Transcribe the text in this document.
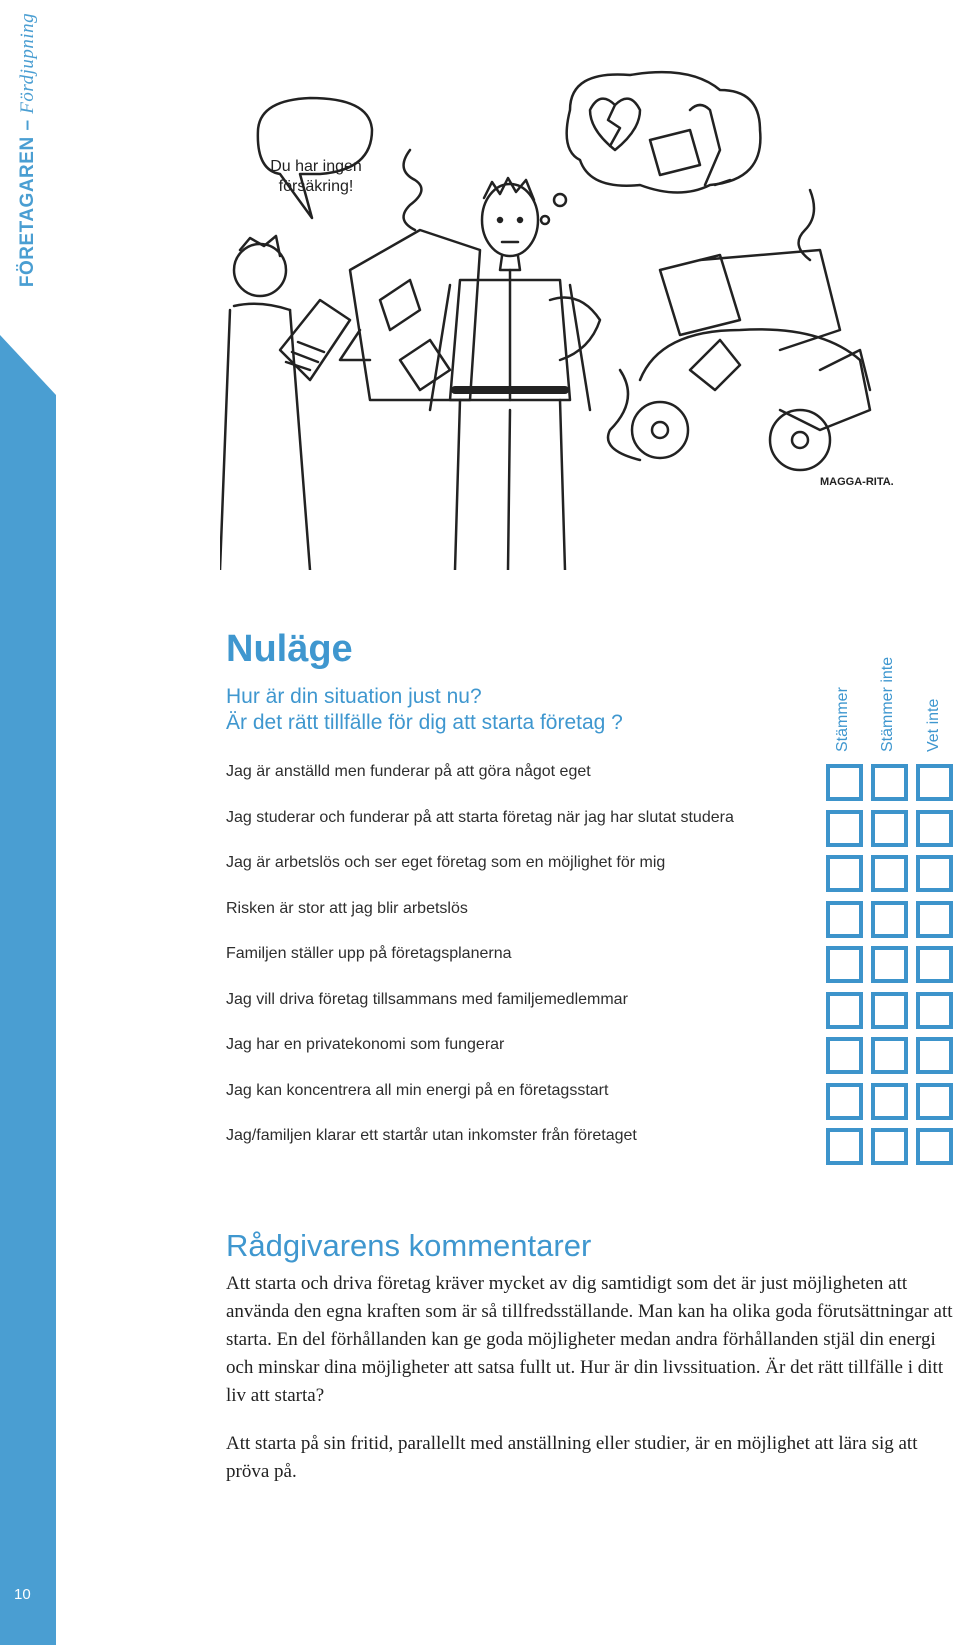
FÖRETAGAREN – Fördjupning
10
Du har ingen
försäkring!
MAGGA-RITA.
Nuläge
Hur är din situation just nu?
Är det rätt tillfälle för dig att starta företag ?	Stämmer Stämmer inte Vet inte
Jag är anställd men funderar på att göra något eget
Jag studerar och funderar på att starta företag när jag har slutat studera
Jag är arbetslös och ser eget företag som en möjlighet för mig
Risken är stor att jag blir arbetslös
Familjen ställer upp på företagsplanerna
Jag vill driva företag tillsammans med familjemedlemmar
Jag har en privatekonomi som fungerar
Jag kan koncentrera all min energi på en företagsstart
Jag/familjen klarar ett startår utan inkomster från företaget
Rådgivarens kommentarer

Att starta och driva företag kräver mycket av dig samtidigt som det är just möjligheten att använda den egna kraften som är så tillfredsställande. Man kan ha olika goda förutsättningar att starta. En del förhållanden kan ge goda möjligheter medan andra förhållanden stjäl din energi och minskar dina möjligheter att satsa fullt ut. Hur är din livssituation. Är det rätt tillfälle i ditt liv att starta?

Att starta på sin fritid, parallellt med anställning eller studier, är en möjlighet att lära sig att pröva på.
